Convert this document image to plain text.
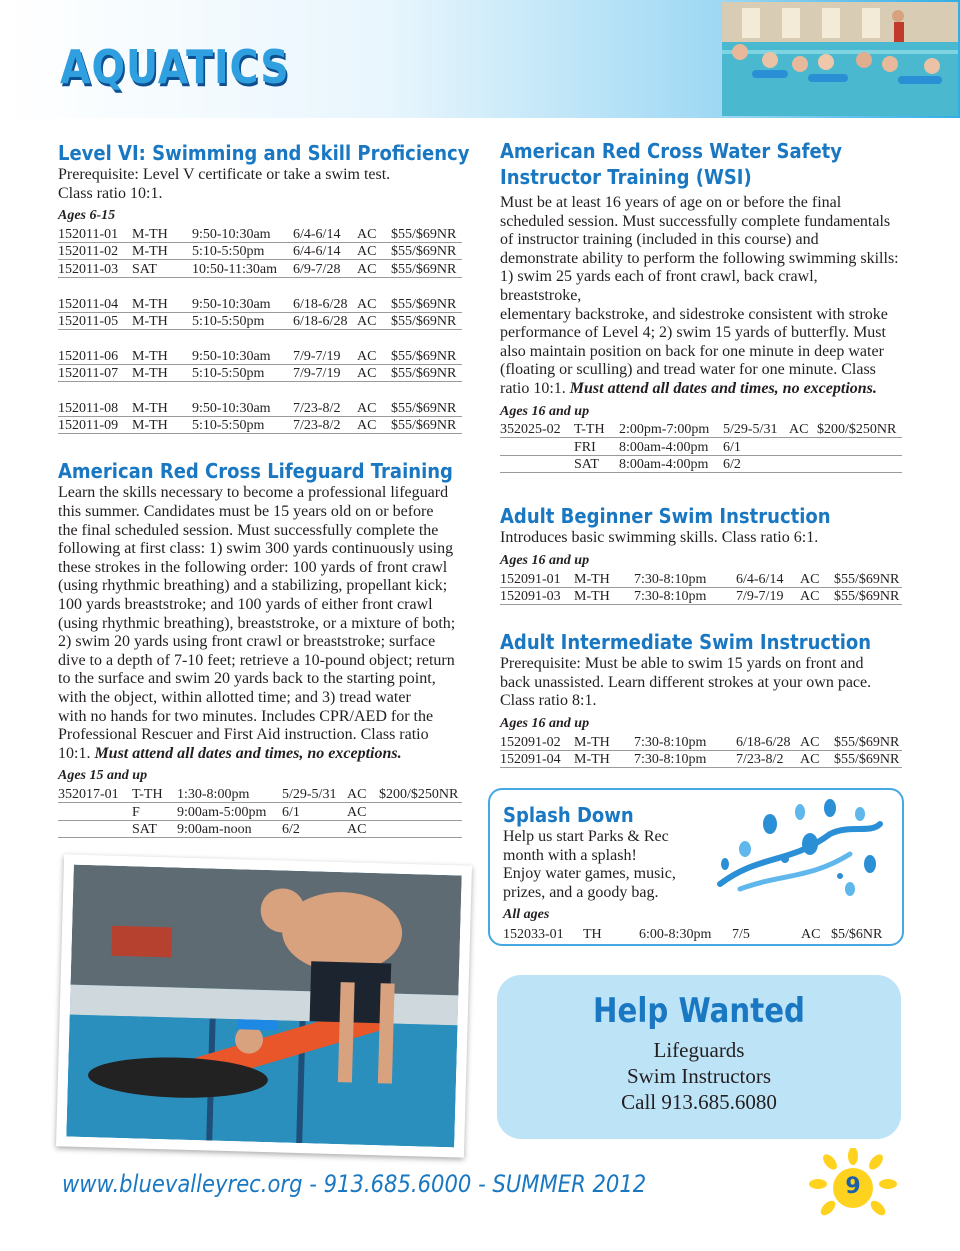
AQUATICS
Level VI: Swimming and Skill Proficiency
Prerequisite: Level V certificate or take a swim test.
Class ratio 10:1.
Ages 6-15
152011-01	M-TH	9:50-10:30am	6/4-6/14	AC	$55/$69NR
152011-02	M-TH	5:10-5:50pm	6/4-6/14	AC	$55/$69NR
152011-03	SAT	10:50-11:30am	6/9-7/28	AC	$55/$69NR

152011-04	M-TH	9:50-10:30am	6/18-6/28	AC	$55/$69NR
152011-05	M-TH	5:10-5:50pm	6/18-6/28	AC	$55/$69NR

152011-06	M-TH	9:50-10:30am	7/9-7/19	AC	$55/$69NR
152011-07	M-TH	5:10-5:50pm	7/9-7/19	AC	$55/$69NR

152011-08	M-TH	9:50-10:30am	7/23-8/2	AC	$55/$69NR
152011-09	M-TH	5:10-5:50pm	7/23-8/2	AC	$55/$69NR
American Red Cross Lifeguard Training
Learn the skills necessary to become a professional lifeguard
this summer. Candidates must be 15 years old on or before
the final scheduled session. Must successfully complete the
following at first class: 1) swim 300 yards continuously using
these strokes in the following order: 100 yards of front crawl
(using rhythmic breathing) and a stabilizing, propellant kick;
100 yards breaststroke; and 100 yards of either front crawl
(using rhythmic breathing), breaststroke, or a mixture of both;
2) swim 20 yards using front crawl or breaststroke; surface
dive to a depth of 7-10 feet; retrieve a 10-pound object; return
to the surface and swim 20 yards back to the starting point,
with the object, within allotted time; and 3) tread water
with no hands for two minutes. Includes CPR/AED for the
Professional Rescuer and First Aid instruction. Class ratio
10:1. Must attend all dates and times, no exceptions.
Ages 15 and up
352017-01	T-TH	1:30-8:00pm	5/29-5/31	AC	$200/$250NR
	F	9:00am-5:00pm	6/1	AC	
	SAT	9:00am-noon	6/2	AC	
American Red Cross Water Safety
Instructor Training (WSI)
Must be at least 16 years of age on or before the final
scheduled session. Must successfully complete fundamentals
of instructor training (included in this course) and
demonstrate ability to perform the following swimming skills:
1) swim 25 yards each of front crawl, back crawl, breaststroke,
elementary backstroke, and sidestroke consistent with stroke
performance of Level 4; 2) swim 15 yards of butterfly. Must
also maintain position on back for one minute in deep water
(floating or sculling) and tread water for one minute. Class
ratio 10:1. Must attend all dates and times, no exceptions.
Ages 16 and up
352025-02	T-TH	2:00pm-7:00pm	5/29-5/31	AC	$200/$250NR
	FRI	8:00am-4:00pm	6/1		
	SAT	8:00am-4:00pm	6/2		
Adult Beginner Swim Instruction
Introduces basic swimming skills. Class ratio 6:1.
Ages 16 and up
152091-01	M-TH	7:30-8:10pm	6/4-6/14	AC	$55/$69NR
152091-03	M-TH	7:30-8:10pm	7/9-7/19	AC	$55/$69NR
Adult Intermediate Swim Instruction
Prerequisite: Must be able to swim 15 yards on front and
back unassisted. Learn different strokes at your own pace.
Class ratio 8:1.
Ages 16 and up
152091-02	M-TH	7:30-8:10pm	6/18-6/28	AC	$55/$69NR
152091-04	M-TH	7:30-8:10pm	7/23-8/2	AC	$55/$69NR
Splash Down
Help us start Parks & Rec
month with a splash!
Enjoy water games, music,
prizes, and a goody bag.
All ages
152033-01	TH	6:00-8:30pm	7/5	AC	$5/$6NR
Help Wanted
Lifeguards
Swim Instructors
Call 913.685.6080
www.bluevalleyrec.org - 913.685.6000 - SUMMER 2012	9
